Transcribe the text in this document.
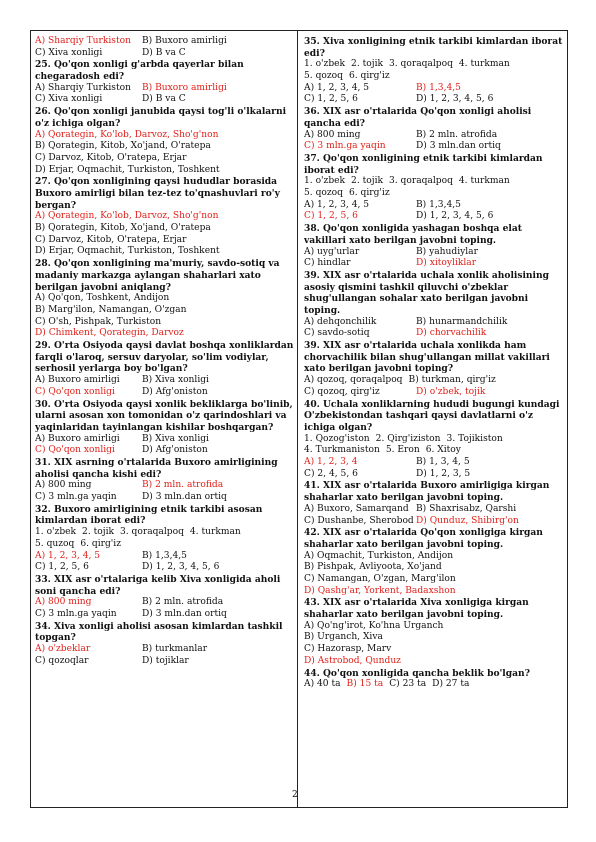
A) Sharqiy Turkiston	B) Buxoro amirligi
C) Xiva xonligi	D) B va C
25. Qo'qon xonligi g'arbda qayerlar bilan chegaradosh edi?
A) Sharqiy Turkiston	B) Buxoro amirligi
C) Xiva xonligi	D) B va C
26. Qo'qon xonligi janubida qaysi tog'li o'lkalarni o'z ichiga olgan?
A) Qorategin, Ko'lob, Darvoz, Sho'g'non
B) Qorategin, Kitob, Xo'jand, O'ratepa
C) Darvoz, Kitob, O'ratepa, Erjar
D) Erjar, Oqmachit, Turkiston, Toshkent
27. Qo'qon xonligining qaysi hududlar borasida Buxoro amirligi bilan tez-tez to'qnashuvlari ro'y bergan?
A) Qorategin, Ko'lob, Darvoz, Sho'g'non
B) Qorategin, Kitob, Xo'jand, O'ratepa
C) Darvoz, Kitob, O'ratepa, Erjar
D) Erjar, Oqmachit, Turkiston, Toshkent
28. Qo'qon xonligining ma'muriy, savdo-sotiq va madaniy markazga aylangan shaharlari xato berilgan javobni aniqlang?
A) Qo'qon, Toshkent, Andijon
B) Marg'ilon, Namangan, O'zgan
C) O'sh, Pishpak, Turkiston
D) Chimkent, Qorategin, Darvoz
29. O'rta Osiyoda qaysi davlat boshqa xonliklardan farqli o'laroq, sersuv daryolar, so'lim vodiylar, serhosil yerlarga boy bo'lgan?
A) Buxoro amirligi	B) Xiva xonligi
C) Qo'qon xonligi	D) Afg'oniston
30. O'rta Osiyoda qaysi xonlik bekliklarga bo'linib, ularni asosan xon tomonidan o'z qarindoshlari va yaqinlaridan tayinlangan kishilar boshqargan?
A) Buxoro amirligi	B) Xiva xonligi
C) Qo'qon xonligi	D) Afg'oniston
31. XIX asrning o'rtalarida Buxoro amirligining aholisi qancha kishi edi?
A) 800 ming	B) 2 mln. atrofida
C) 3 mln.ga yaqin	D) 3 mln.dan ortiq
32. Buxoro amirligining etnik tarkibi asosan kimlardan iborat edi?
1. o'zbek 2. tojik 3. qoraqalpoq 4. turkman
5. quzoq 6. qirg'iz
A) 1, 2, 3, 4, 5	B) 1,3,4,5
C) 1, 2, 5, 6	D) 1, 2, 3, 4, 5, 6
33. XIX asr o'rtalariga kelib Xiva xonligida aholi soni qancha edi?
A) 800 ming	B) 2 mln. atrofida
C) 3 mln.ga yaqin	D) 3 mln.dan ortiq
34. Xiva xonligi aholisi asosan kimlardan tashkil topgan?
A) o'zbeklar	B) turkmanlar
C) qozoqlar	D) tojiklar
35. Xiva xonligining etnik tarkibi kimlardan iborat edi?
1. o'zbek 2. tojik 3. qoraqalpoq 4. turkman
5. qozoq 6. qirg'iz
A) 1, 2, 3, 4, 5	B) 1,3,4,5
C) 1, 2, 5, 6	D) 1, 2, 3, 4, 5, 6
36. XIX asr o'rtalarida Qo'qon xonligi aholisi qancha edi?
A) 800 ming	B) 2 mln. atrofida
C) 3 mln.ga yaqin	D) 3 mln.dan ortiq
37. Qo'qon xonligining etnik tarkibi kimlardan iborat edi?
1. o'zbek 2. tojik 3. qoraqalpoq 4. turkman
5. qozoq 6. qirg'iz
A) 1, 2, 3, 4, 5	B) 1,3,4,5
C) 1, 2, 5, 6	D) 1, 2, 3, 4, 5, 6
38. Qo'qon xonligida yashagan boshqa elat vakillari xato berilgan javobni toping.
A) uyg'urlar	B) yahudiylar
C) hindlar	D) xitoyliklar
39. XIX asr o'rtalarida uchala xonlik aholisining asosiy qismini tashkil qiluvchi o'zbeklar shug'ullangan sohalar xato berilgan javobni toping.
A) dehqonchilik	B) hunarmandchilik
C) savdo-sotiq	D) chorvachilik
39. XIX asr o'rtalarida uchala xonlikda ham chorvachilik bilan shug'ullangan millat vakillari xato berilgan javobni toping?
A) qozoq, qoraqalpoq B) turkman, qirg'iz
C) qozoq, qirg'iz	D) o'zbek, tojik
40. Uchala xonliklarning hududi bugungi kundagi O'zbekistondan tashqari qaysi davlatlarni o'z ichiga olgan?
1. Qozog'iston 2. Qirg'iziston 3. Tojikiston
4. Turkmaniston 5. Eron 6. Xitoy
A) 1, 2, 3, 4	B) 1, 3, 4, 5
C) 2, 4, 5, 6	D) 1, 2, 3, 5
41. XIX asr o'rtalarida Buxoro amirligiga kirgan shaharlar xato berilgan javobni toping.
A) Buxoro, Samarqand B) Shaxrisabz, Qarshi
C) Dushanbe, Sherobod D) Qunduz, Shibirg'on
42. XIX asr o'rtalarida Qo'qon xonligiga kirgan shaharlar xato berilgan javobni toping.
A) Oqmachit, Turkiston, Andijon
B) Pishpak, Avliyoota, Xo'jand
C) Namangan, O'zgan, Marg'ilon
D) Qashg'ar, Yorkent, Badaxshon
43. XIX asr o'rtalarida Xiva xonligiga kirgan shaharlar xato berilgan javobni toping.
A) Qo'ng'irot, Ko'hna Urganch
B) Urganch, Xiva
C) Hazorasp, Marv
D) Astrobod, Qunduz
44. Qo'qon xonligida qancha beklik bo'lgan?
A) 40 ta B) 15 ta C) 23 ta D) 27 ta
2
